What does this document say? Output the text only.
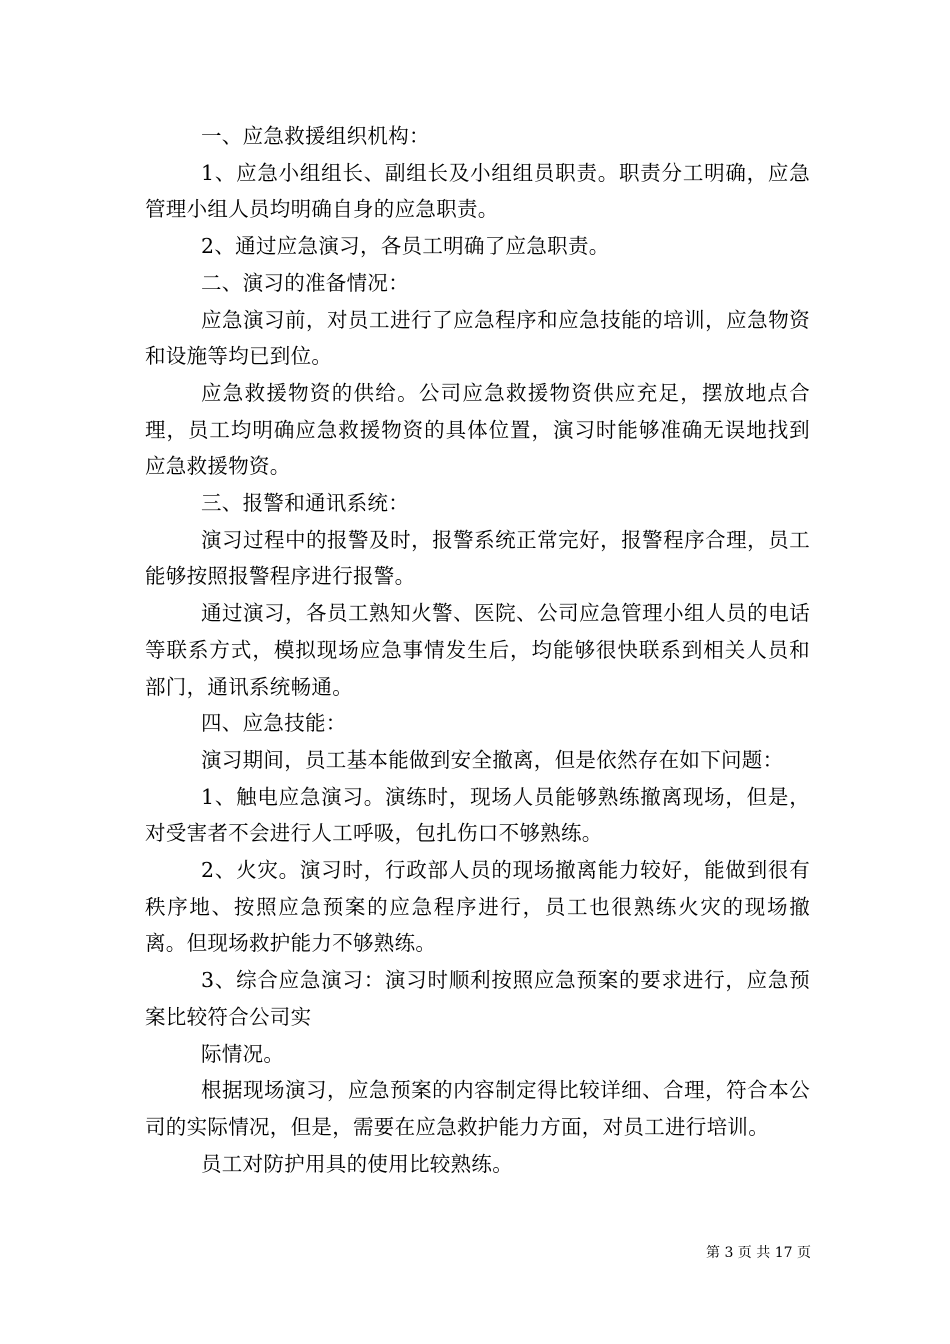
一、应急救援组织机构：

1、应急小组组长、副组长及小组组员职责。职责分工明确，应急管理小组人员均明确自身的应急职责。

2、通过应急演习，各员工明确了应急职责。

二、演习的准备情况：

应急演习前，对员工进行了应急程序和应急技能的培训，应急物资和设施等均已到位。

应急救援物资的供给。公司应急救援物资供应充足，摆放地点合理，员工均明确应急救援物资的具体位置，演习时能够准确无误地找到应急救援物资。

三、报警和通讯系统：

演习过程中的报警及时，报警系统正常完好，报警程序合理，员工能够按照报警程序进行报警。

通过演习，各员工熟知火警、医院、公司应急管理小组人员的电话等联系方式，模拟现场应急事情发生后，均能够很快联系到相关人员和部门，通讯系统畅通。

四、应急技能：

演习期间，员工基本能做到安全撤离，但是依然存在如下问题：

1、触电应急演习。演练时，现场人员能够熟练撤离现场，但是，对受害者不会进行人工呼吸，包扎伤口不够熟练。

2、火灾。演习时，行政部人员的现场撤离能力较好，能做到很有秩序地、按照应急预案的应急程序进行，员工也很熟练火灾的现场撤离。但现场救护能力不够熟练。

3、综合应急演习：演习时顺利按照应急预案的要求进行，应急预案比较符合公司实

际情况。

根据现场演习，应急预案的内容制定得比较详细、合理，符合本公司的实际情况，但是，需要在应急救护能力方面，对员工进行培训。

员工对防护用具的使用比较熟练。

第 3 页 共 17 页
